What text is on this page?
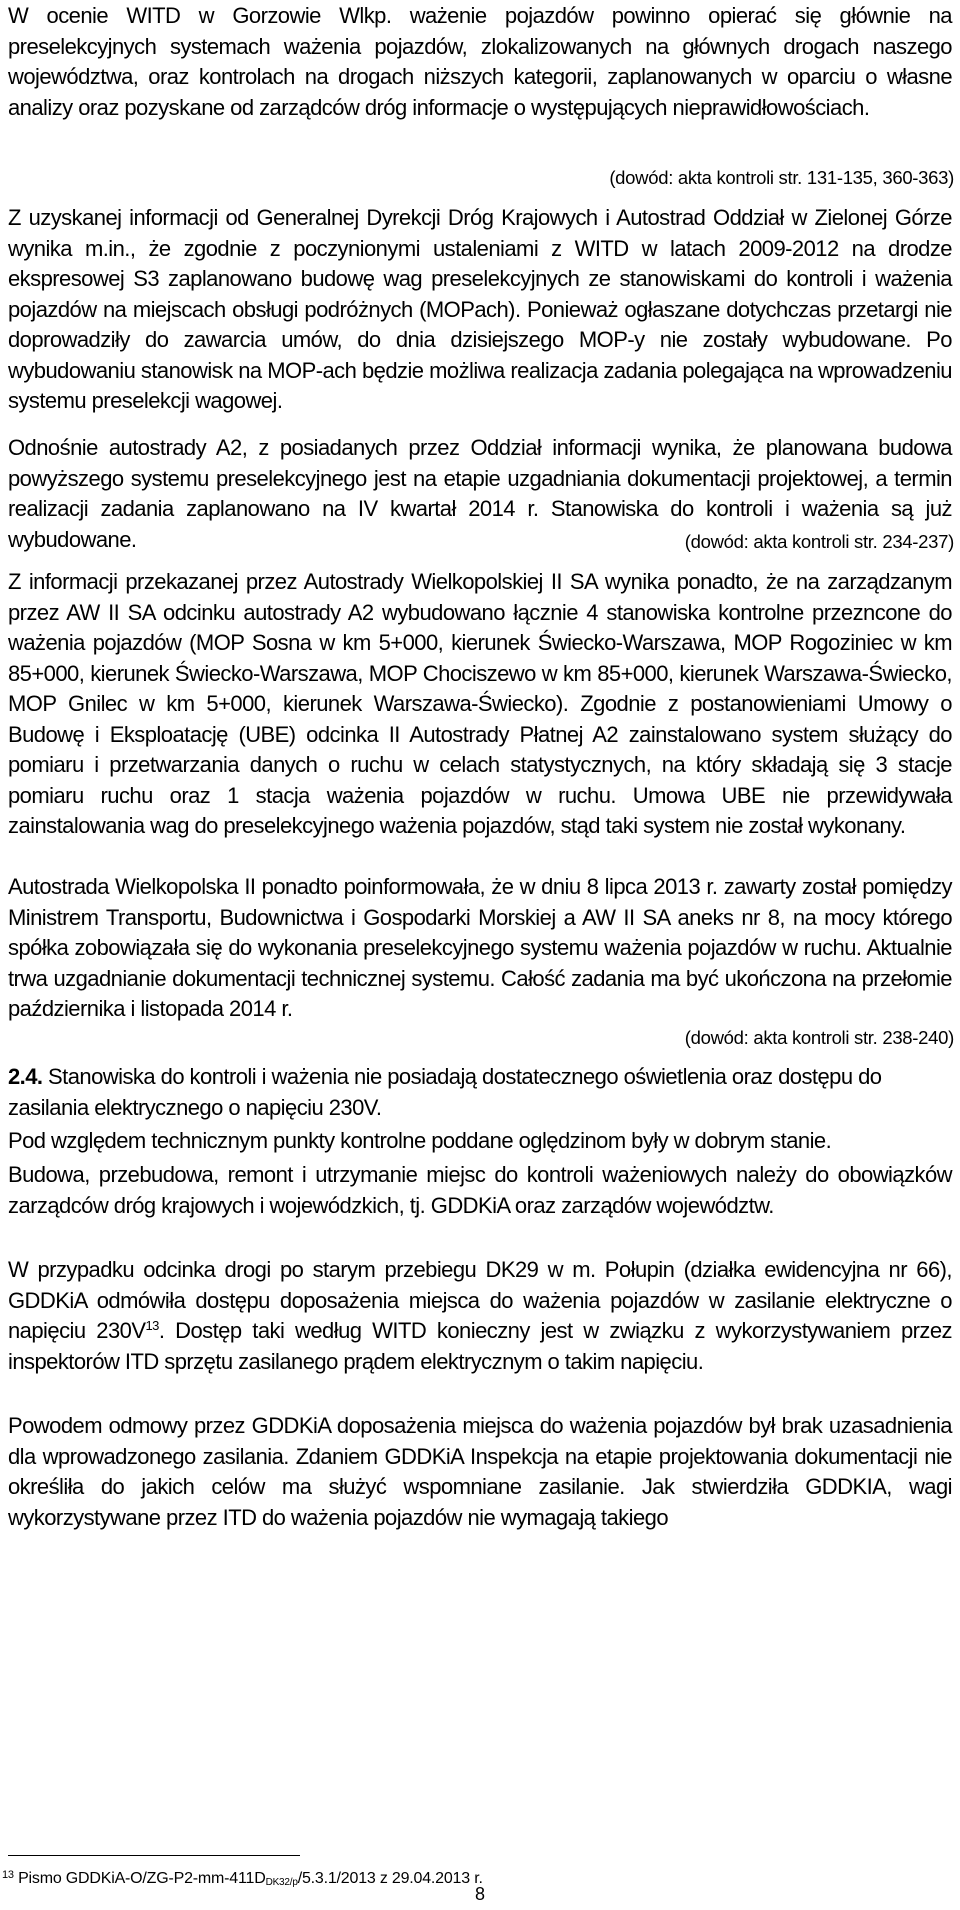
W ocenie WITD w Gorzowie Wlkp. ważenie pojazdów powinno opierać się głównie na preselekcyjnych systemach ważenia pojazdów, zlokalizowanych na głównych drogach naszego województwa, oraz kontrolach na drogach niższych kategorii, zaplanowanych w oparciu o własne analizy oraz pozyskane od zarządców dróg informacje o występujących nieprawidłowościach.

(dowód: akta kontroli str. 131-135, 360-363)

Z uzyskanej informacji od Generalnej Dyrekcji Dróg Krajowych i Autostrad Oddział w Zielonej Górze wynika m.in., że zgodnie z poczynionymi ustaleniami z WITD w latach 2009-2012 na drodze ekspresowej S3 zaplanowano budowę wag preselekcyjnych ze stanowiskami do kontroli i ważenia pojazdów na miejscach obsługi podróżnych (MOPach). Ponieważ ogłaszane dotychczas przetargi nie doprowadziły do zawarcia umów, do dnia dzisiejszego MOP-y nie zostały wybudowane. Po wybudowaniu stanowisk na MOP-ach będzie możliwa realizacja zadania polegająca na wprowadzeniu systemu preselekcji wagowej.

Odnośnie autostrady A2, z posiadanych przez Oddział informacji wynika, że planowana budowa powyższego systemu preselekcyjnego jest na etapie uzgadniania dokumentacji projektowej, a termin realizacji zadania zaplanowano na IV kwartał 2014 r. Stanowiska do kontroli i ważenia są już wybudowane.	(dowód: akta kontroli str. 234-237)

Z informacji przekazanej przez Autostrady Wielkopolskiej II SA wynika ponadto, że na zarządzanym przez AW II SA odcinku autostrady A2 wybudowano łącznie 4 stanowiska kontrolne przezncone do ważenia pojazdów (MOP Sosna w km 5+000, kierunek Świecko-Warszawa, MOP Rogoziniec w km 85+000, kierunek Świecko-Warszawa, MOP Chociszewo w km 85+000, kierunek Warszawa-Świecko, MOP Gnilec w km 5+000, kierunek Warszawa-Świecko). Zgodnie z postanowieniami Umowy o Budowę i Eksploatację (UBE) odcinka II Autostrady Płatnej A2 zainstalowano system służący do pomiaru i przetwarzania danych o ruchu w celach statystycznych, na który składają się 3 stacje pomiaru ruchu oraz 1 stacja ważenia pojazdów w ruchu. Umowa UBE nie przewidywała zainstalowania wag do preselekcyjnego ważenia pojazdów, stąd taki system nie został wykonany.

Autostrada Wielkopolska II ponadto poinformowała, że w dniu 8 lipca 2013 r. zawarty został pomiędzy Ministrem Transportu, Budownictwa i Gospodarki Morskiej a AW II SA aneks nr 8, na mocy którego spółka zobowiązała się do wykonania preselekcyjnego systemu ważenia pojazdów w ruchu. Aktualnie trwa uzgadnianie dokumentacji technicznej systemu. Całość zadania ma być ukończona na przełomie października i listopada 2014 r.

(dowód: akta kontroli str. 238-240)

2.4. Stanowiska do kontroli i ważenia nie posiadają dostatecznego oświetlenia oraz dostępu do zasilania elektrycznego o napięciu 230V.

Pod względem technicznym punkty kontrolne poddane oględzinom były w dobrym stanie.

Budowa, przebudowa, remont i utrzymanie miejsc do kontroli ważeniowych należy do obowiązków zarządców dróg krajowych i wojewódzkich, tj. GDDKiA oraz zarządów województw.

W przypadku odcinka drogi po starym przebiegu DK29 w m. Połupin (działka ewidencyjna nr 66), GDDKiA odmówiła dostępu doposażenia miejsca do ważenia pojazdów w zasilanie elektryczne o napięciu 230V$^{13}$. Dostęp taki według WITD konieczny jest w związku z wykorzystywaniem przez inspektorów ITD sprzętu zasilanego prądem elektrycznym o takim napięciu.

Powodem odmowy przez GDDKiA doposażenia miejsca do ważenia pojazdów był brak uzasadnienia dla wprowadzonego zasilania. Zdaniem GDDKiA Inspekcja na etapie projektowania dokumentacji nie określiła do jakich celów ma służyć wspomniane zasilanie. Jak stwierdziła GDDKIA, wagi wykorzystywane przez ITD do ważenia pojazdów nie wymagają takiego

$^{13}$ Pismo GDDKiA-$O/ZG-P2-mm-411D_{DK32/p}/5.3.1/2013$ z 29.04.2013 r.

8
